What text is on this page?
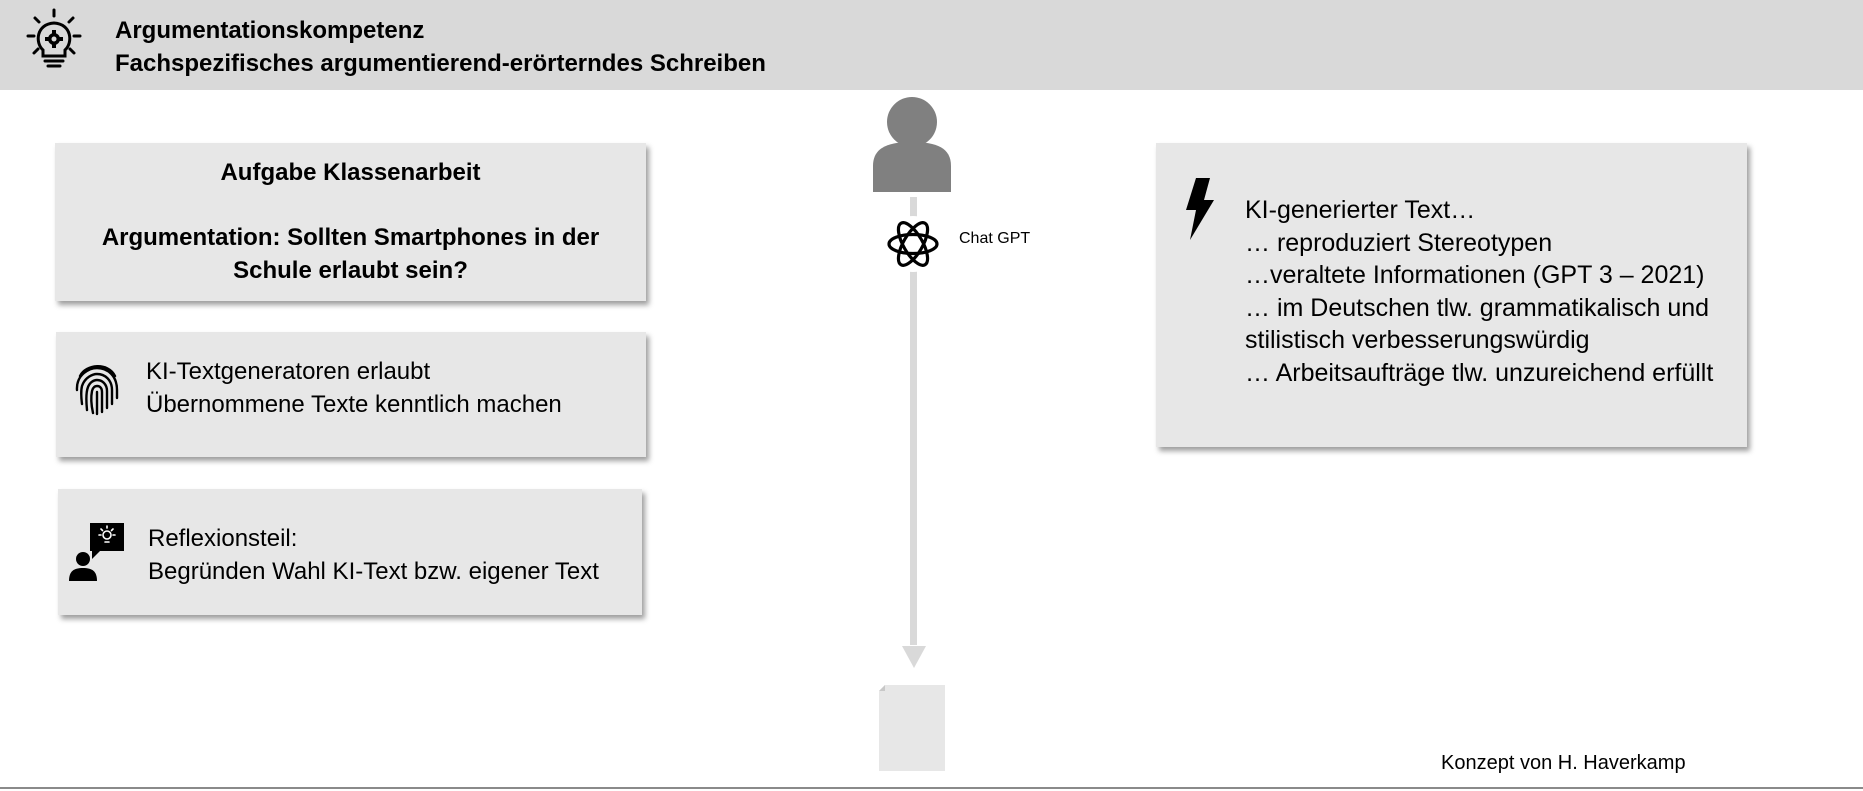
Argumentationskompetenz
Fachspezifisches argumentierend-erörterndes Schreiben
Aufgabe Klassenarbeit
Argumentation: Sollten Smartphones in der Schule erlaubt sein?
KI-Textgeneratoren erlaubt
Übernommene Texte kenntlich machen
Reflexionsteil:
Begründen Wahl KI-Text bzw. eigener Text
KI-generierter Text…
… reproduziert Stereotypen
…veraltete Informationen (GPT 3 – 2021)
… im Deutschen tlw. grammatikalisch und
stilistisch verbesserungswürdig
… Arbeitsaufträge tlw. unzureichend erfüllt
Chat GPT
Konzept von H. Haverkamp
